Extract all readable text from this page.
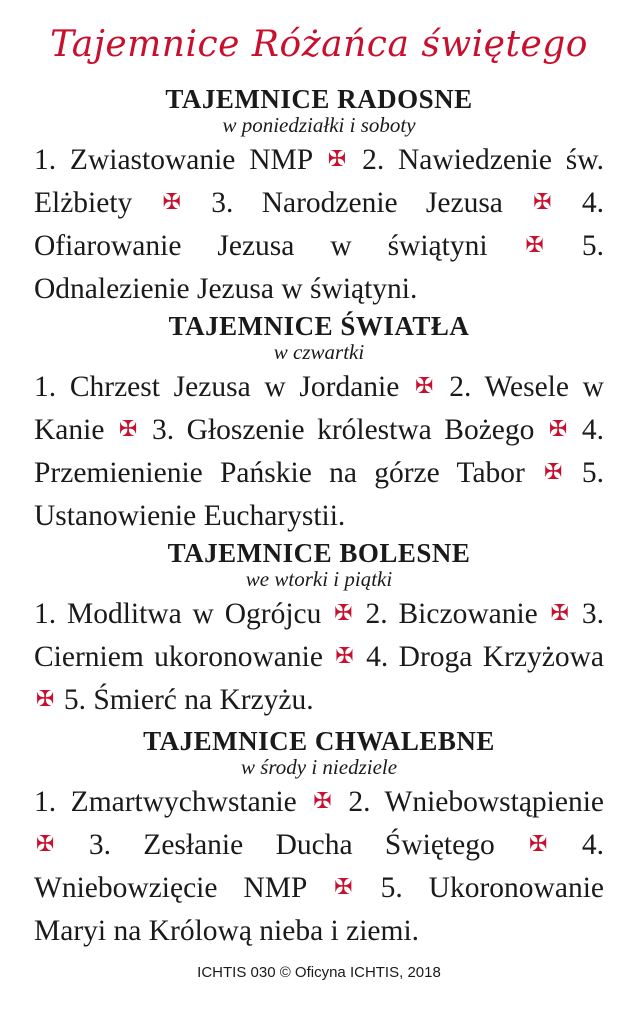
Tajemnice Różańca świętego
TAJEMNICE RADOSNE
w poniedziałki i soboty
1. Zwiastowanie NMP ✠ 2. Nawiedzenie św. Elżbiety ✠ 3. Narodzenie Jezusa ✠ 4. Ofiarowanie Jezusa w świątyni ✠ 5. Odnalezienie Jezusa w świątyni.
TAJEMNICE ŚWIATŁA
w czwartki
1. Chrzest Jezusa w Jordanie ✠ 2. Wesele w Kanie ✠ 3. Głoszenie królestwa Bożego ✠ 4. Przemienienie Pańskie na górze Tabor ✠ 5. Ustanowienie Eucharystii.
TAJEMNICE BOLESNE
we wtorki i piątki
1. Modlitwa w Ogrójcu ✠ 2. Biczowanie ✠ 3. Cierniem ukoronowanie ✠ 4. Droga Krzyżowa ✠ 5. Śmierć na Krzyżu.
TAJEMNICE CHWALEBNE
w środy i niedziele
1. Zmartwychwstanie ✠ 2. Wniebowstąpienie ✠ 3. Zesłanie Ducha Świętego ✠ 4. Wniebowzięcie NMP ✠ 5. Ukoronowanie Maryi na Królową nieba i ziemi.
ICHTIS 030 © Oficyna ICHTIS, 2018
